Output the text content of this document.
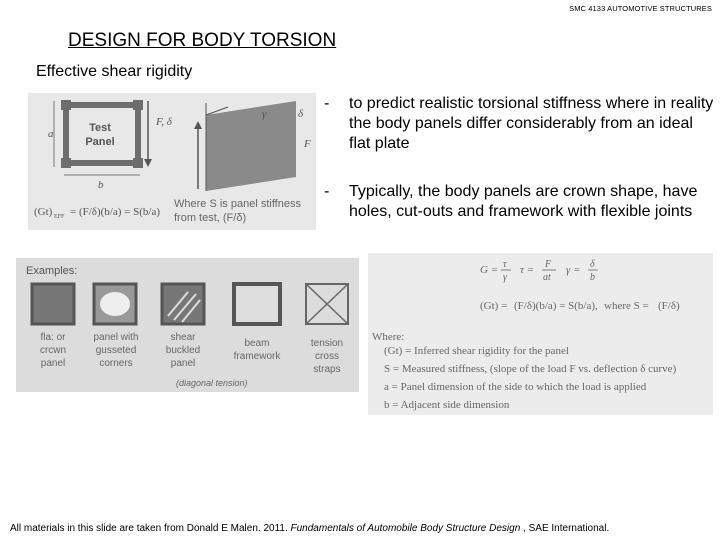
SMC 4133 AUTOMOTIVE STRUCTURES
DESIGN FOR BODY TORSION
Effective shear rigidity
- to predict realistic torsional stiffness where in reality the body panels differ considerably from an ideal flat plate
- Typically, the body panels are crown shape, have holes, cut-outs and framework with flexible joints
Test
Panel
a
b
F, δ
γ	δ
F
(Gt) EFF = (F/δ)(b/a) = S(b/a)
Where S is panel stiffness
from test, (F/δ)
Examples:
fla: or
crcwn
panel
panel with
gusseted
corners
shear
buckled
panel
beam
framework
tension
cross
straps
(diagonal tension)
G = τ
γ
τ = F
at
γ = δ
b
(Gt) = (F/δ)(b/a) = S(b/a), where S = (F/δ)
Where:
(Gt) = Inferred shear rigidity for the panel
S = Measured stiffness, (slope of the load F vs. deflection δ curve)
a = Panel dimension of the side to which the load is applied
b = Adjacent side dimension
All materials in this slide are taken from Donald E Malen. 2011. Fundamentals of Automobile Body Structure Design , SAE International.
